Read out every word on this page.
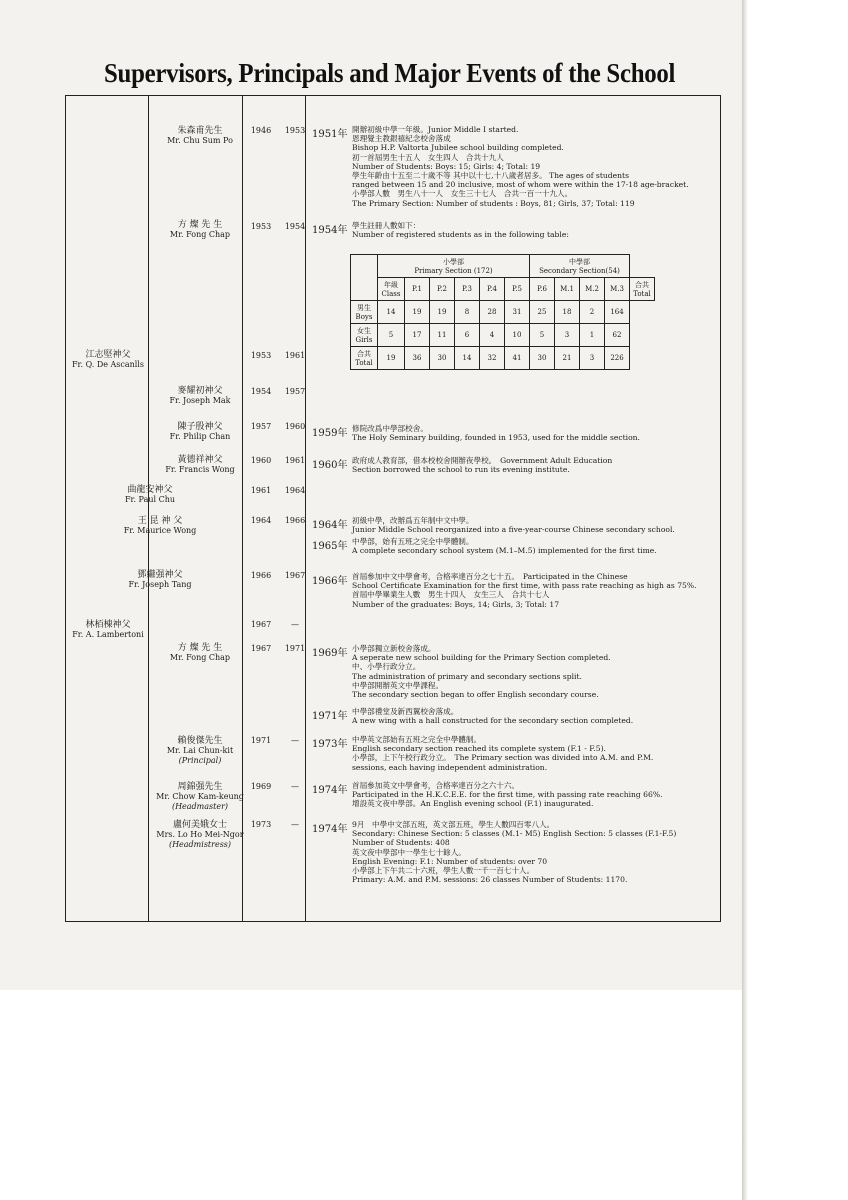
Supervisors, Principals and Major Events of the School
朱森甫先生
Mr. Chu Sum Po
1946	1953
方 燦 先 生
Mr. Fong Chap
1953	1954
江志堅神父
Fr. Q. De Ascanlls
1953	1961
麥耀初神父
Fr. Joseph Mak
1954	1957
陳子殷神父
Fr. Philip Chan
1957	1960
黃德祥神父
Fr. Francis Wong
1960	1961
曲龍安神父
Fr. Paul Chu
1961	1964
王 昆 神 父
Fr. Maurice Wong
1964	1966
鄧繼强神父
Fr. Joseph Tang
1966	1967
林栢棟神父
Fr. A. Lambertoni
1967	—
方 燦 先 生
Mr. Fong Chap
1967	1971
賴俊傑先生
Mr. Lai Chun-kit
(Principal)
1971	—
周錦强先生
Mr. Chow Kam-keung
(Headmaster)
1969	—
盧何美娥女士
Mrs. Lo Ho Mei-Ngor
(Headmistress)
1973	—
1951年 開辦初級中學一年級。Junior Middle I started.
恩理覺主教銀禧紀念校舍落成
Bishop H.P. Valtorta Jubilee school building completed.
初一首屆男生十五人　女生四人　合共十九人
Number of Students: Boys: 15; Girls: 4; Total: 19
學生年齡由十五至二十歲不等 其中以十七,十八歲者居多。 The ages of students
ranged between 15 and 20 inclusive, most of whom were within the 17-18 age-bracket.
小學部人數　男生八十一人　女生三十七人　合共一百一十九人。
The Primary Section: Number of students : Boys, 81; Girls, 37; Total: 119
1954年 學生註冊人數如下：
Number of registered students as in the following table:
	小學部
Primary Section (172)						中學部
Secondary Section(54)				
	年級
Class	P.1	P.2	P.3	P.4	P.5	P.6	M.1	M.2	M.3	合共
Total
男生
Boys	14	19	19	8	28	31	25	18	2	164	
女生
Girls	5	17	11	6	4	10	5	3	1	62	
合共
Total	19	36	30	14	32	41	30	21	3	226	
1959年 修院改爲中學部校舍。
The Holy Seminary building, founded in 1953, used for the middle section.
1960年 政府成人教育部，借本校校舍開辦夜學校。　Government Adult Education
Section borrowed the school to run its evening institute.
1964年 初級中學，改辦爲五年制中文中學。
Junior Middle School reorganized into a five-year-course Chinese secondary school.
1965年 中學部，始有五班之完全中學體制。
A complete secondary school system (M.1–M.5) implemented for the first time.
1966年 首屆參加中文中學會考，合格率達百分之七十五。　Participated in the Chinese
School Certificate Examination for the first time, with pass rate reaching as high as 75%.
首屆中學畢業生人數　男生十四人　女生三人　合共十七人
Number of the graduates: Boys, 14; Girls, 3; Total: 17
1969年 小學部獨立新校舍落成。
A seperate new school building for the Primary Section completed.
中、小學行政分立。
The administration of primary and secondary sections split.
中學部開辦英文中學課程。
The secondary section began to offer English secondary course.
1971年 中學部禮堂及新西翼校舍落成。
A new wing with a hall constructed for the secondary section completed.
1973年 中學英文部始有五班之完全中學體制。
English secondary section reached its complete system (F.1 - F.5).
小學部，上下午校行政分立。　The Primary section was divided into A.M. and P.M.
sessions, each having independent administration.
1974年 首屆參加英文中學會考，合格率達百分之六十六。
Participated in the H.K.C.E.E. for the first time, with passing rate reaching 66%.
增設英文夜中學部。An English evening school (F.1) inaugurated.
1974年 9月　中學中文部五班，英文部五班，學生人數四百零八人。
Secondary: Chinese Section: 5 classes (M.1- M5) English Section: 5 classes (F.1-F.5)
Number of Students: 408
英文夜中學部中一學生七十餘人。
English Evening: F.1: Number of students: over 70
小學部上下午共二十六班，學生人數一千一百七十人。
Primary: A.M. and P.M. sessions: 26 classes Number of Students: 1170.
